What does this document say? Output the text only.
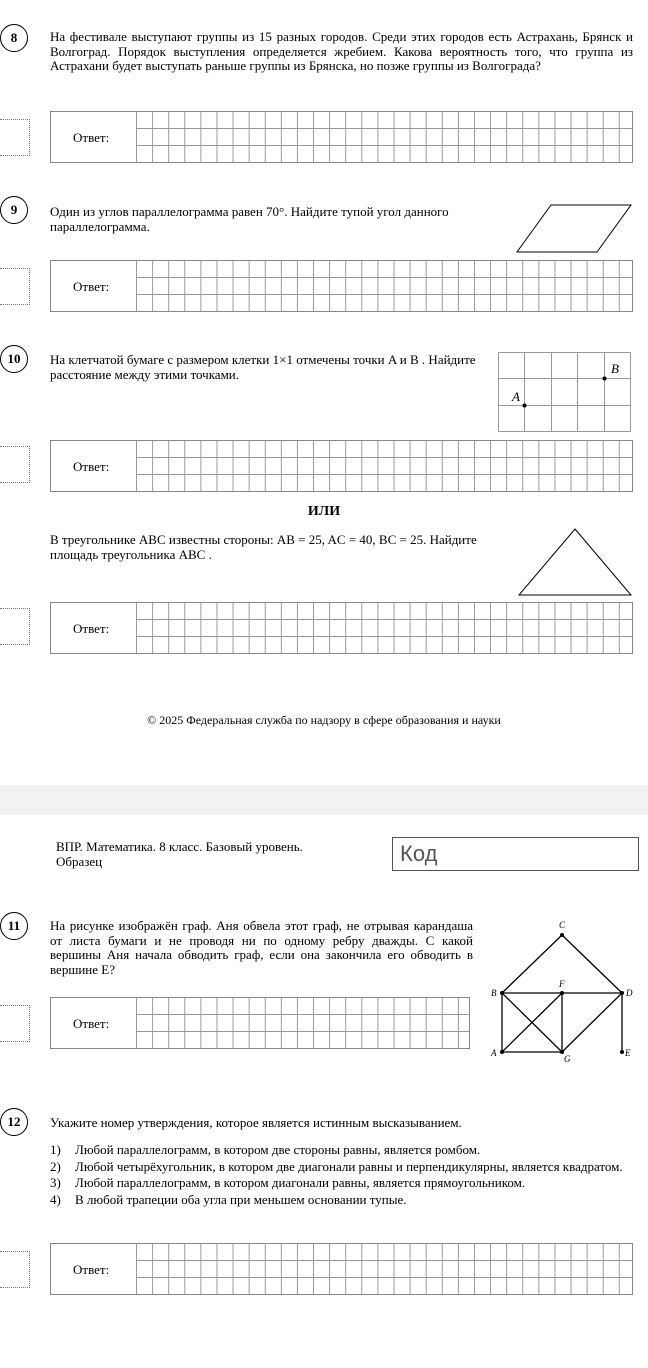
8	На фестивале выступают группы из 15 разных городов. Среди этих городов есть Астрахань, Брянск и Волгоград. Порядок выступления определяется жребием. Какова вероятность того, что группа из Астрахани будет выступать раньше группы из Брянска, но позже группы из Волгограда?
Ответ:
9	Один из углов параллелограмма равен 70°. Найдите тупой угол данного параллелограмма.
Ответ:
10	На клетчатой бумаге с размером клетки 1×1 отмечены точки A и B . Найдите расстояние между этими точками.
A
B
Ответ:
ИЛИ
В треугольнике ABC известны стороны: AB = 25, AC = 40, BC = 25. Найдите площадь треугольника ABC .
Ответ:
© 2025 Федеральная служба по надзору в сфере образования и науки
ВПР. Математика. 8 класс. Базовый уровень.
Образец	Код
11	На рисунке изображён граф. Аня обвела этот граф, не отрывая карандаша от листа бумаги и не проводя ни по одному ребру дважды. С какой вершины Аня начала обводить граф, если она закончила его обводить в вершине E?
A
B
C
D
E
F
G
Ответ:
12	Укажите номер утверждения, которое является истинным высказыванием.
1) Любой параллелограмм, в котором две стороны равны, является ромбом.
2) Любой четырёхугольник, в котором две диагонали равны и перпендикулярны, является квадратом.
3) Любой параллелограмм, в котором диагонали равны, является прямоугольником.
4) В любой трапеции оба угла при меньшем основании тупые.
Ответ:
